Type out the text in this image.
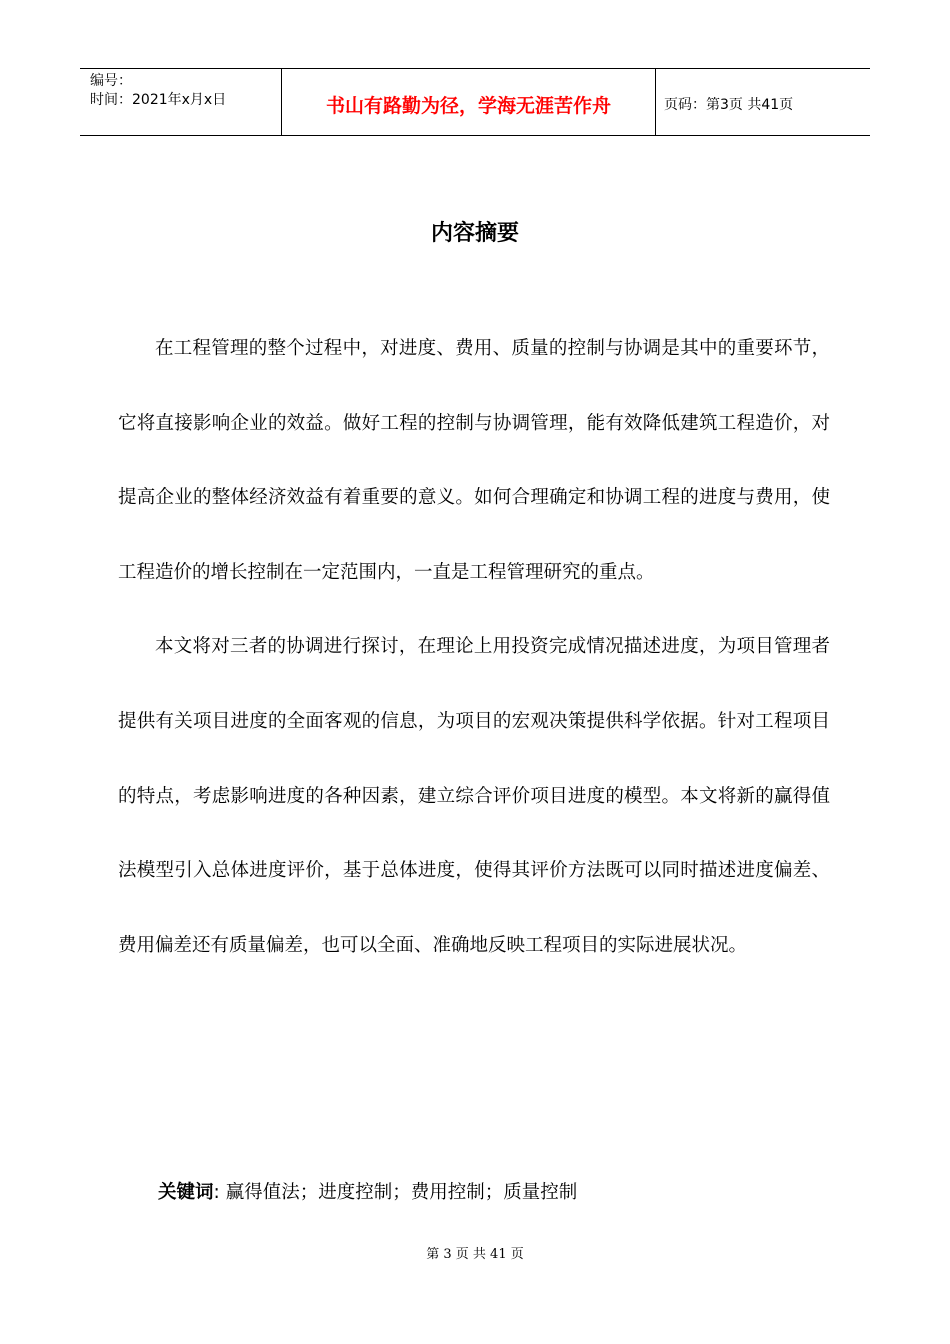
编号：
时间：2021年x月x日	书山有路勤为径，学海无涯苦作舟	页码：第3页 共41页
内容摘要

在工程管理的整个过程中，对进度、费用、质量的控制与协调是其中的重要环节，它将直接影响企业的效益。做好工程的控制与协调管理，能有效降低建筑工程造价，对提高企业的整体经济效益有着重要的意义。如何合理确定和协调工程的进度与费用，使工程造价的增长控制在一定范围内，一直是工程管理研究的重点。

本文将对三者的协调进行探讨，在理论上用投资完成情况描述进度，为项目管理者提供有关项目进度的全面客观的信息，为项目的宏观决策提供科学依据。针对工程项目的特点，考虑影响进度的各种因素，建立综合评价项目进度的模型。本文将新的赢得值法模型引入总体进度评价，基于总体进度，使得其评价方法既可以同时描述进度偏差、费用偏差还有质量偏差，也可以全面、准确地反映工程项目的实际进展状况。

关键词: 赢得值法；进度控制；费用控制；质量控制
第 3 页 共 41 页
